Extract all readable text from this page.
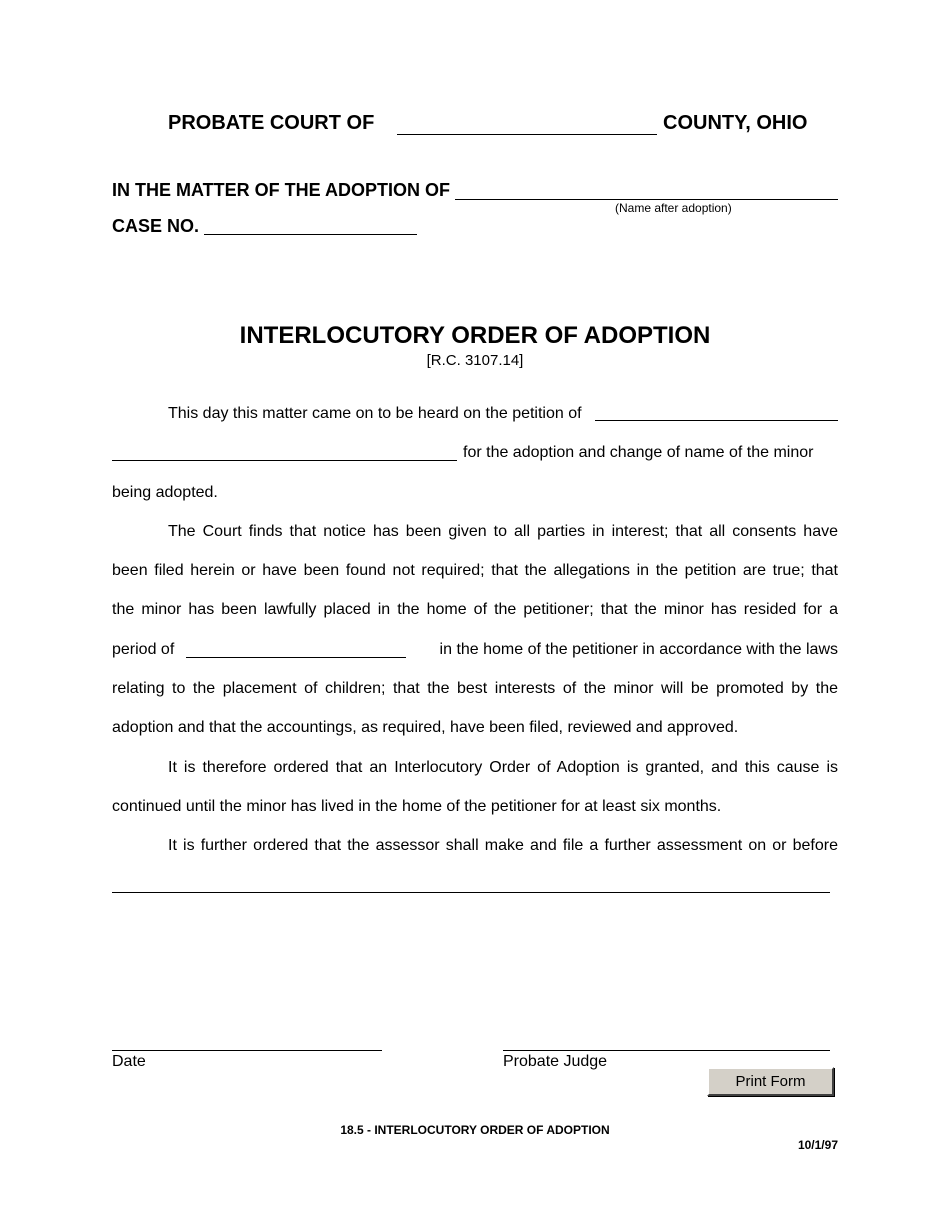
PROBATE COURT OF	COUNTY, OHIO
IN THE MATTER OF THE ADOPTION OF
(Name after adoption)
CASE NO.
INTERLOCUTORY ORDER OF ADOPTION
[R.C. 3107.14]
This day this matter came on to be heard on the petition of
for the adoption and change of name of the minor
being adopted.
The Court finds that notice has been given to all parties in interest; that all consents have
been filed herein or have been found not required; that the allegations in the petition are true; that
the minor has been lawfully placed in the home of the petitioner; that the minor has resided for a
period of	in the home of the petitioner in accordance with the laws
relating to the placement of children; that the best interests of the minor will be promoted by the
adoption and that the accountings, as required, have been filed, reviewed and approved.
It is therefore ordered that an Interlocutory Order of Adoption is granted, and this cause is
continued until the minor has lived in the home of the petitioner for at least six months.
It is further ordered that the assessor shall make and file a further assessment on or before
Date	Probate Judge
Print Form
18.5 - INTERLOCUTORY ORDER OF ADOPTION
10/1/97
